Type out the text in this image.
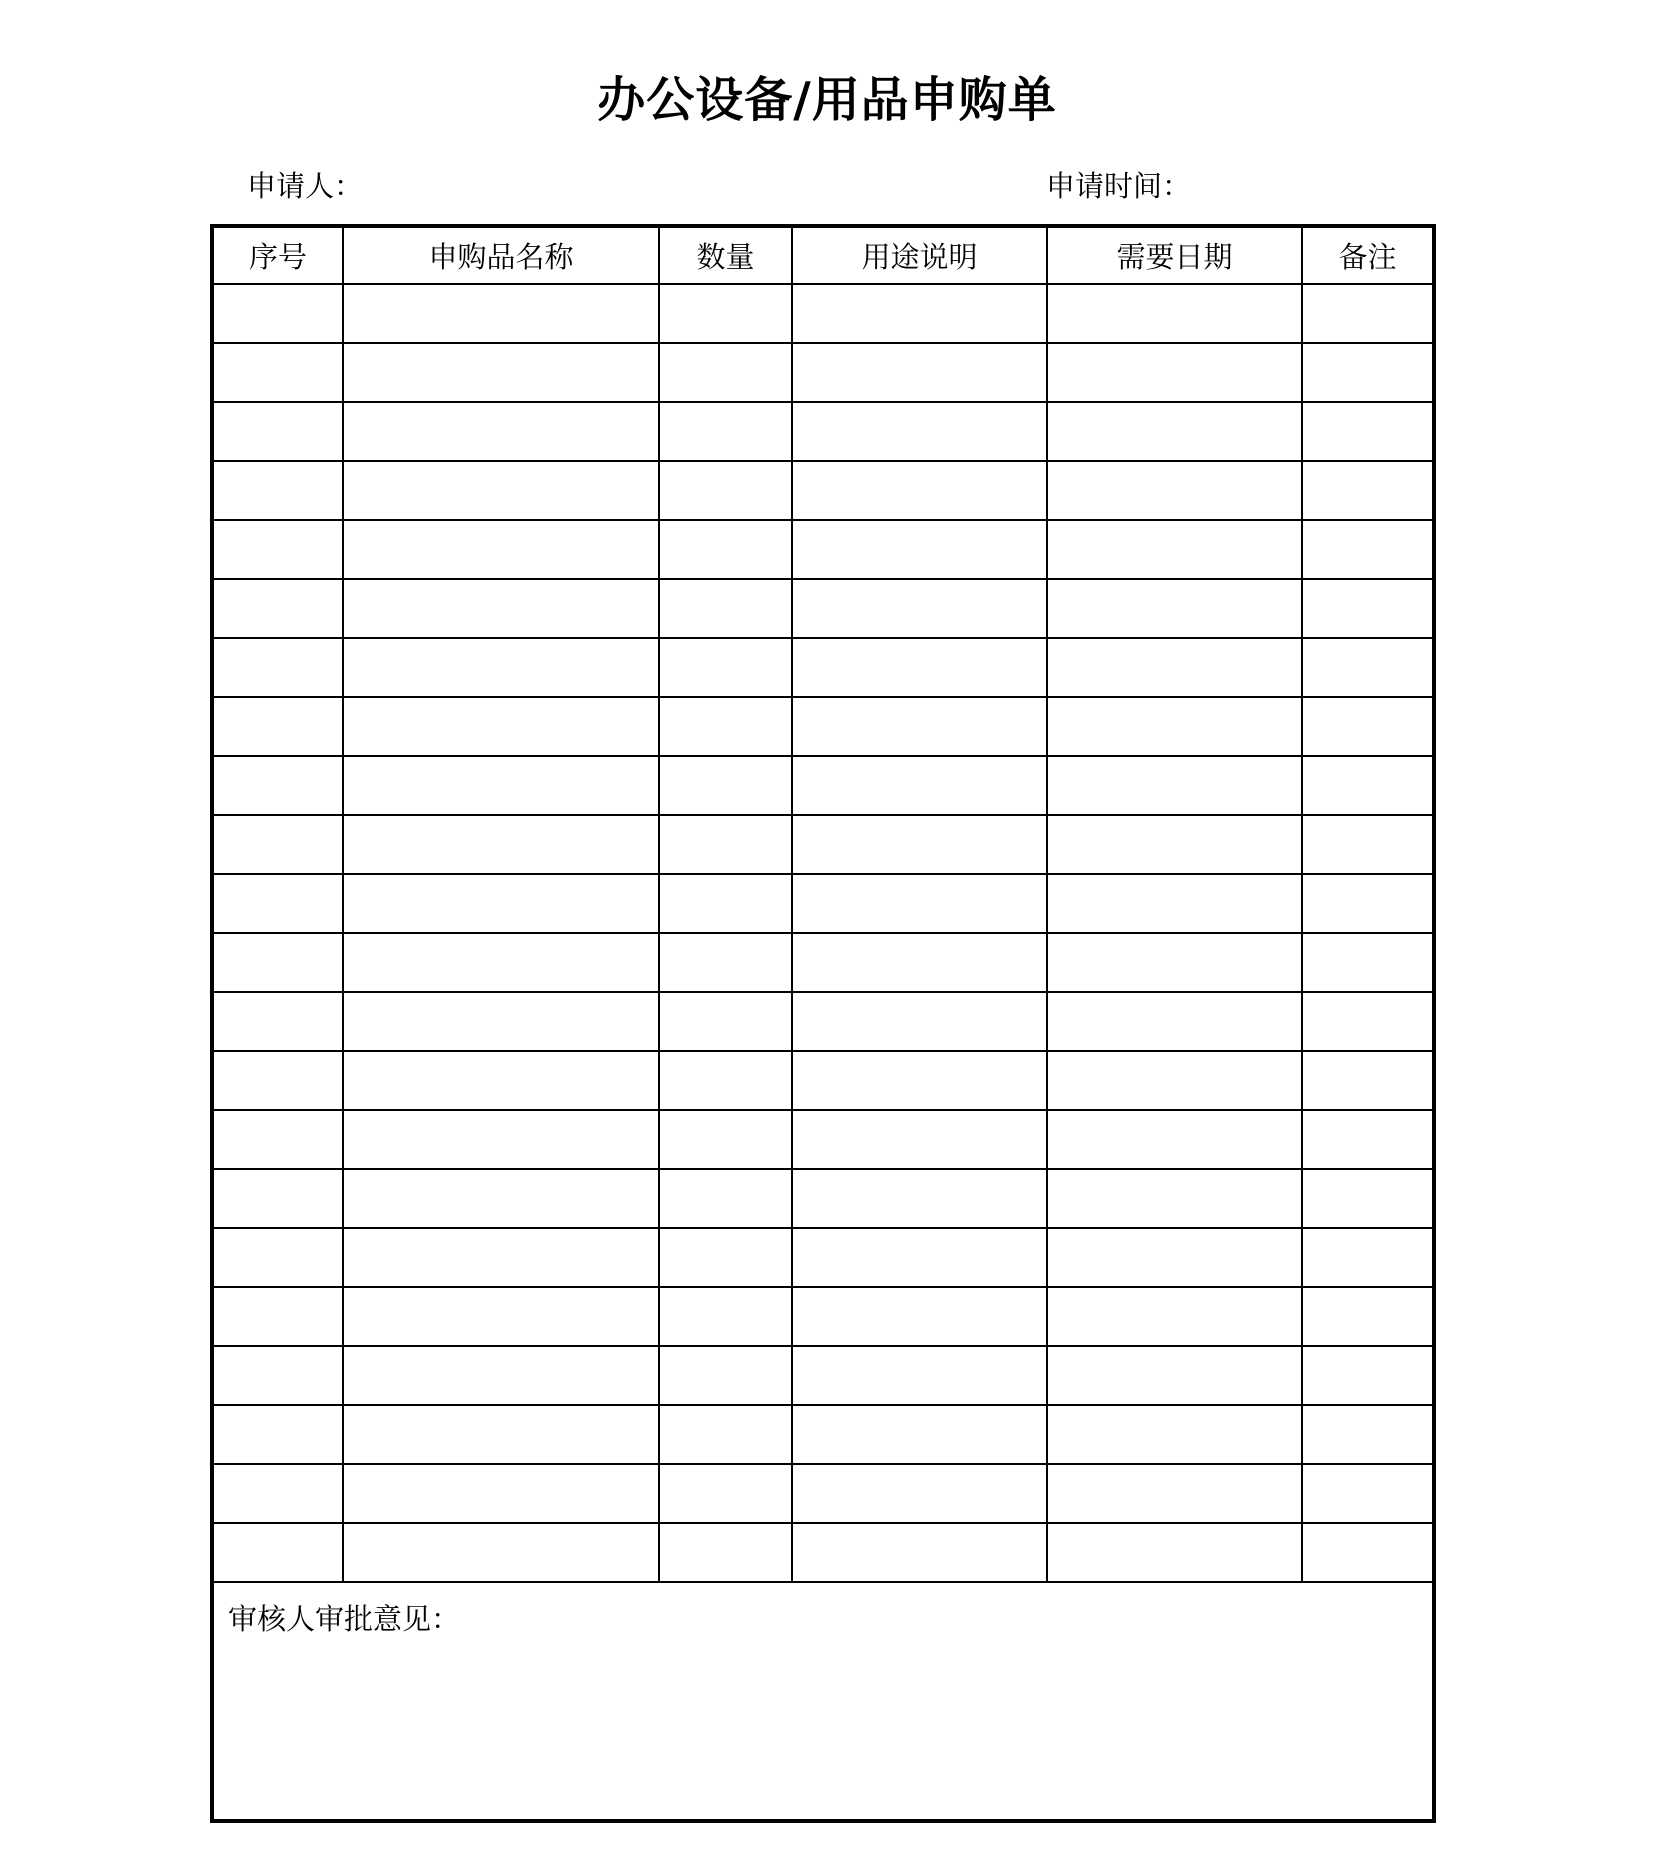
办公设备/用品申购单
申请人：	申请时间：
序号	申购品名称	数量	用途说明	需要日期	备注

审核人审批意见：					
